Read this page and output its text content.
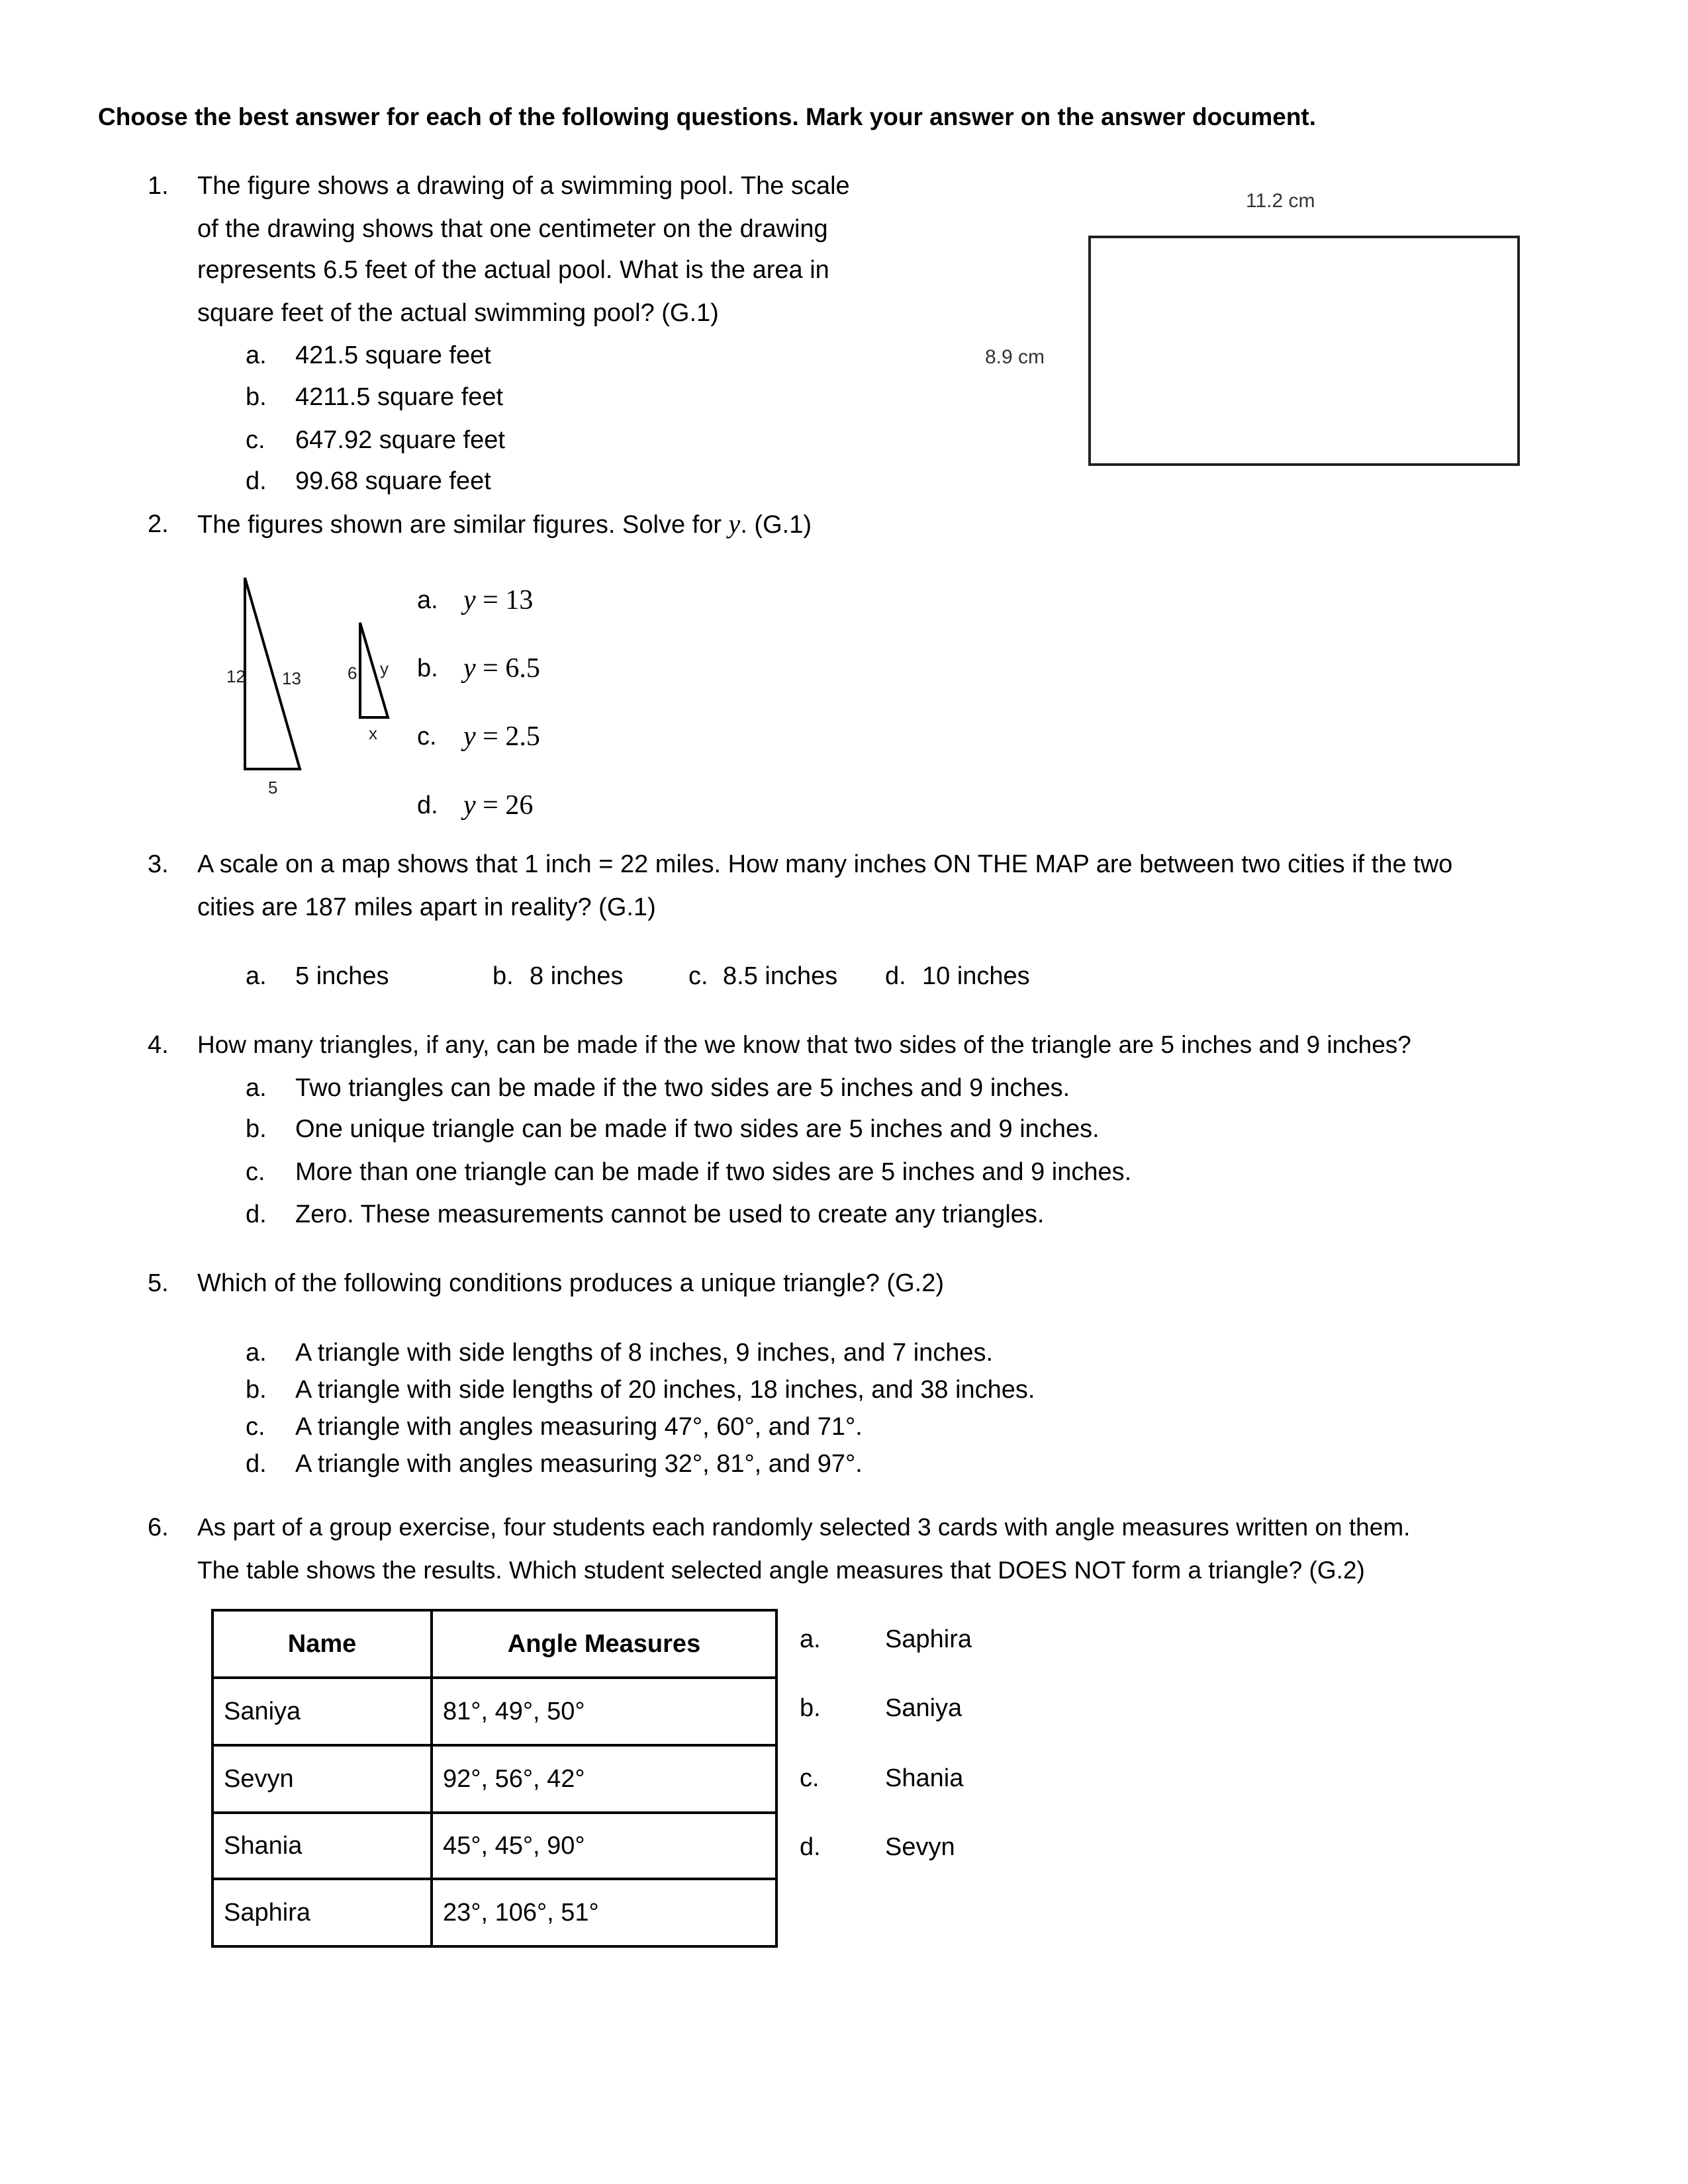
Choose the best answer for each of the following questions. Mark your answer on the answer document.
1. The figure shows a drawing of a swimming pool. The scale
of the drawing shows that one centimeter on the drawing
represents 6.5 feet of the actual pool. What is the area in
square feet of the actual swimming pool? (G.1)
a. 421.5 square feet
b. 4211.5 square feet
c. 647.92 square feet
d. 99.68 square feet
11.2 cm
8.9 cm
2. The figures shown are similar figures. Solve for y. (G.1)
12 13
5
6 y
x
a. y = 13
b. y = 6.5
c. y = 2.5
d. y = 26
3. A scale on a map shows that 1 inch = 22 miles. How many inches ON THE MAP are between two cities if the two
cities are 187 miles apart in reality? (G.1)
a. 5 inches	b. 8 inches	c. 8.5 inches d. 10 inches
4. How many triangles, if any, can be made if the we know that two sides of the triangle are 5 inches and 9 inches?
a. Two triangles can be made if the two sides are 5 inches and 9 inches.
b. One unique triangle can be made if two sides are 5 inches and 9 inches.
c. More than one triangle can be made if two sides are 5 inches and 9 inches.
d. Zero. These measurements cannot be used to create any triangles.
5. Which of the following conditions produces a unique triangle? (G.2)
a. A triangle with side lengths of 8 inches, 9 inches, and 7 inches.
b. A triangle with side lengths of 20 inches, 18 inches, and 38 inches.
c. A triangle with angles measuring 47°, 60°, and 71°.
d. A triangle with angles measuring 32°, 81°, and 97°.
6. As part of a group exercise, four students each randomly selected 3 cards with angle measures written on them.
The table shows the results. Which student selected angle measures that DOES NOT form a triangle? (G.2)
Name	Angle Measures
Saniya	81°, 49°, 50°
Sevyn	92°, 56°, 42°
Shania	45°, 45°, 90°
Saphira	23°, 106°, 51°
a.	Saphira
b.	Saniya
c.	Shania
d.	Sevyn
